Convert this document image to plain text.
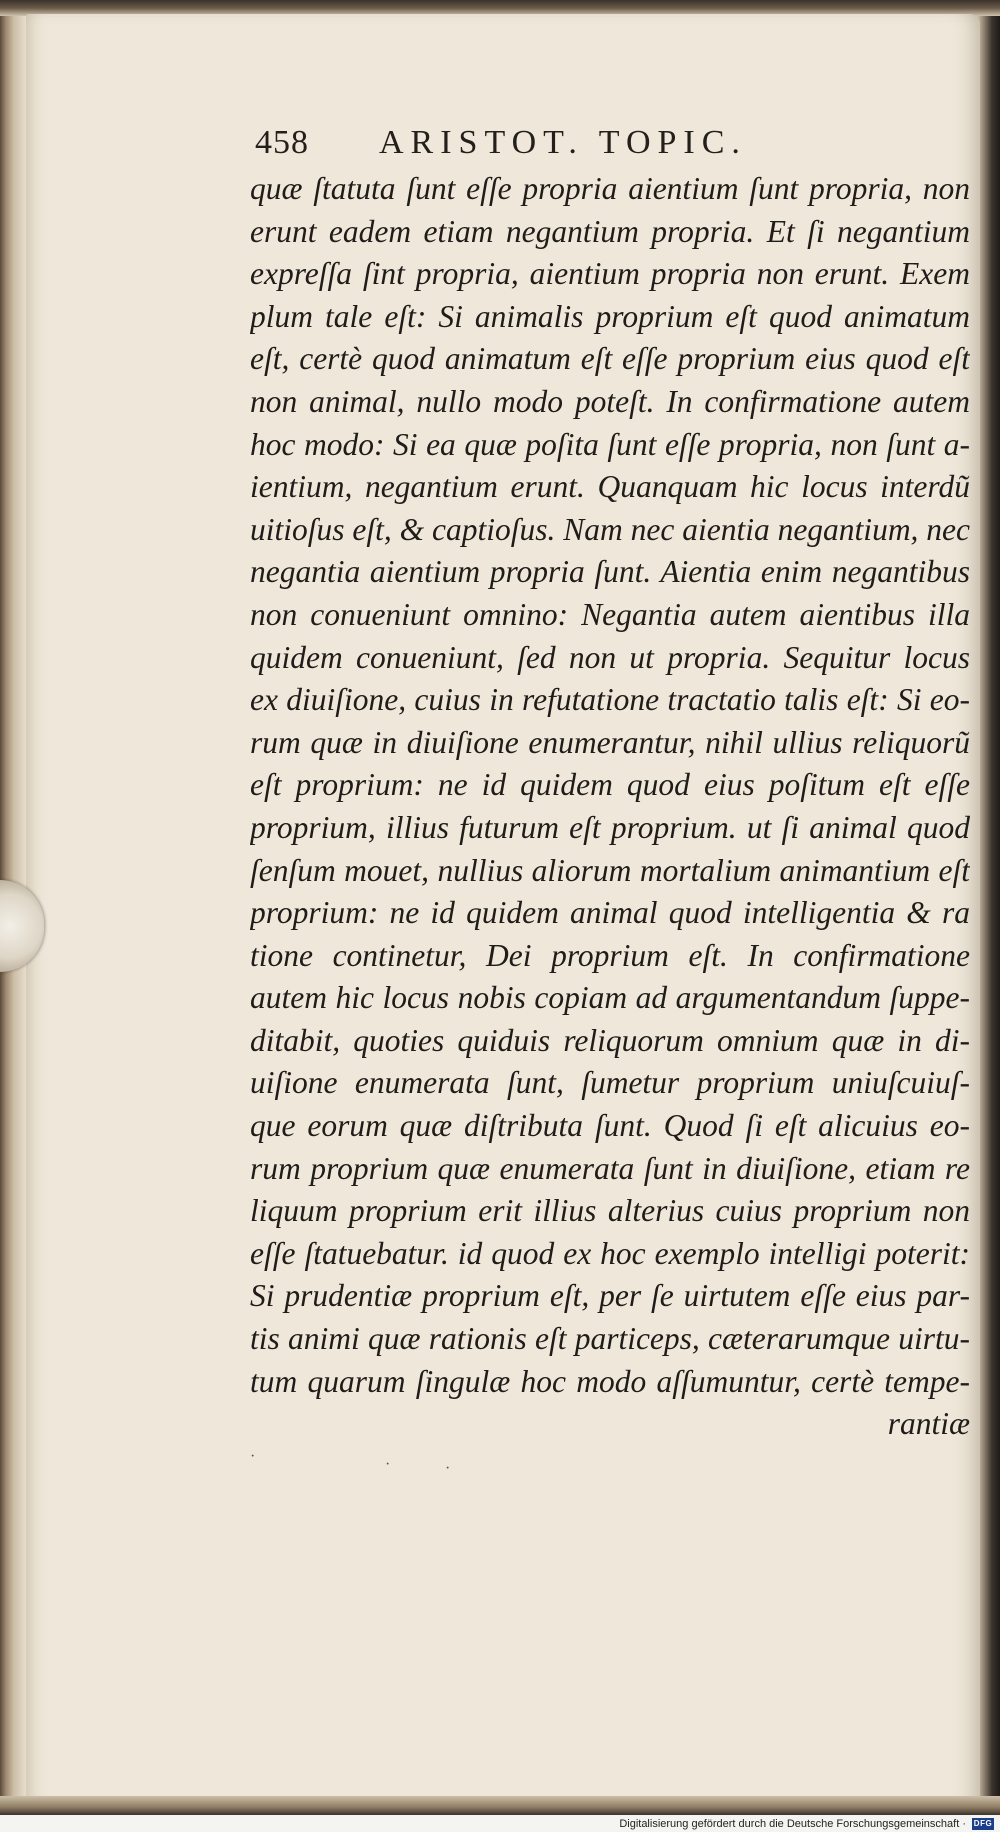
458 ARISTOT. TOPIC.
quæ ſtatuta ſunt eſſe propria aientium ſunt propria, non
erunt eadem etiam negantium propria. Et ſi negantium
expreſſa ſint propria, aientium propria non erunt. Exem
plum tale eſt: Si animalis proprium eſt quod animatum
eſt, certè quod animatum eſt eſſe proprium eius quod eſt
non animal, nullo modo poteſt. In confirmatione autem
hoc modo: Si ea quæ poſita ſunt eſſe propria, non ſunt a-
ientium, negantium erunt. Quanquam hic locus interdũ
uitioſus eſt, & captioſus. Nam nec aientia negantium, nec
negantia aientium propria ſunt. Aientia enim negantibus
non conueniunt omnino: Negantia autem aientibus illa
quidem conueniunt, ſed non ut propria. Sequitur locus
ex diuiſione, cuius in refutatione tractatio talis eſt: Si eo-
rum quæ in diuiſione enumerantur, nihil ullius reliquorũ
eſt proprium: ne id quidem quod eius poſitum eſt eſſe
proprium, illius futurum eſt proprium. ut ſi animal quod
ſenſum mouet, nullius aliorum mortalium animantium eſt
proprium: ne id quidem animal quod intelligentia & ra
tione continetur, Dei proprium eſt. In confirmatione
autem hic locus nobis copiam ad argumentandum ſuppe-
ditabit, quoties quiduis reliquorum omnium quæ in di-
uiſione enumerata ſunt, ſumetur proprium uniuſcuiuſ-
que eorum quæ diſtributa ſunt. Quod ſi eſt alicuius eo-
rum proprium quæ enumerata ſunt in diuiſione, etiam re
liquum proprium erit illius alterius cuius proprium non
eſſe ſtatuebatur. id quod ex hoc exemplo intelligi poterit:
Si prudentiæ proprium eſt, per ſe uirtutem eſſe eius par-
tis animi quæ rationis eſt particeps, cæterarumque uirtu-
tum quarum ſingulæ hoc modo aſſumuntur, certè tempe-
rantiæ
·	·	·
Digitalisierung gefördert durch die Deutsche Forschungsgemeinschaft · DFG
